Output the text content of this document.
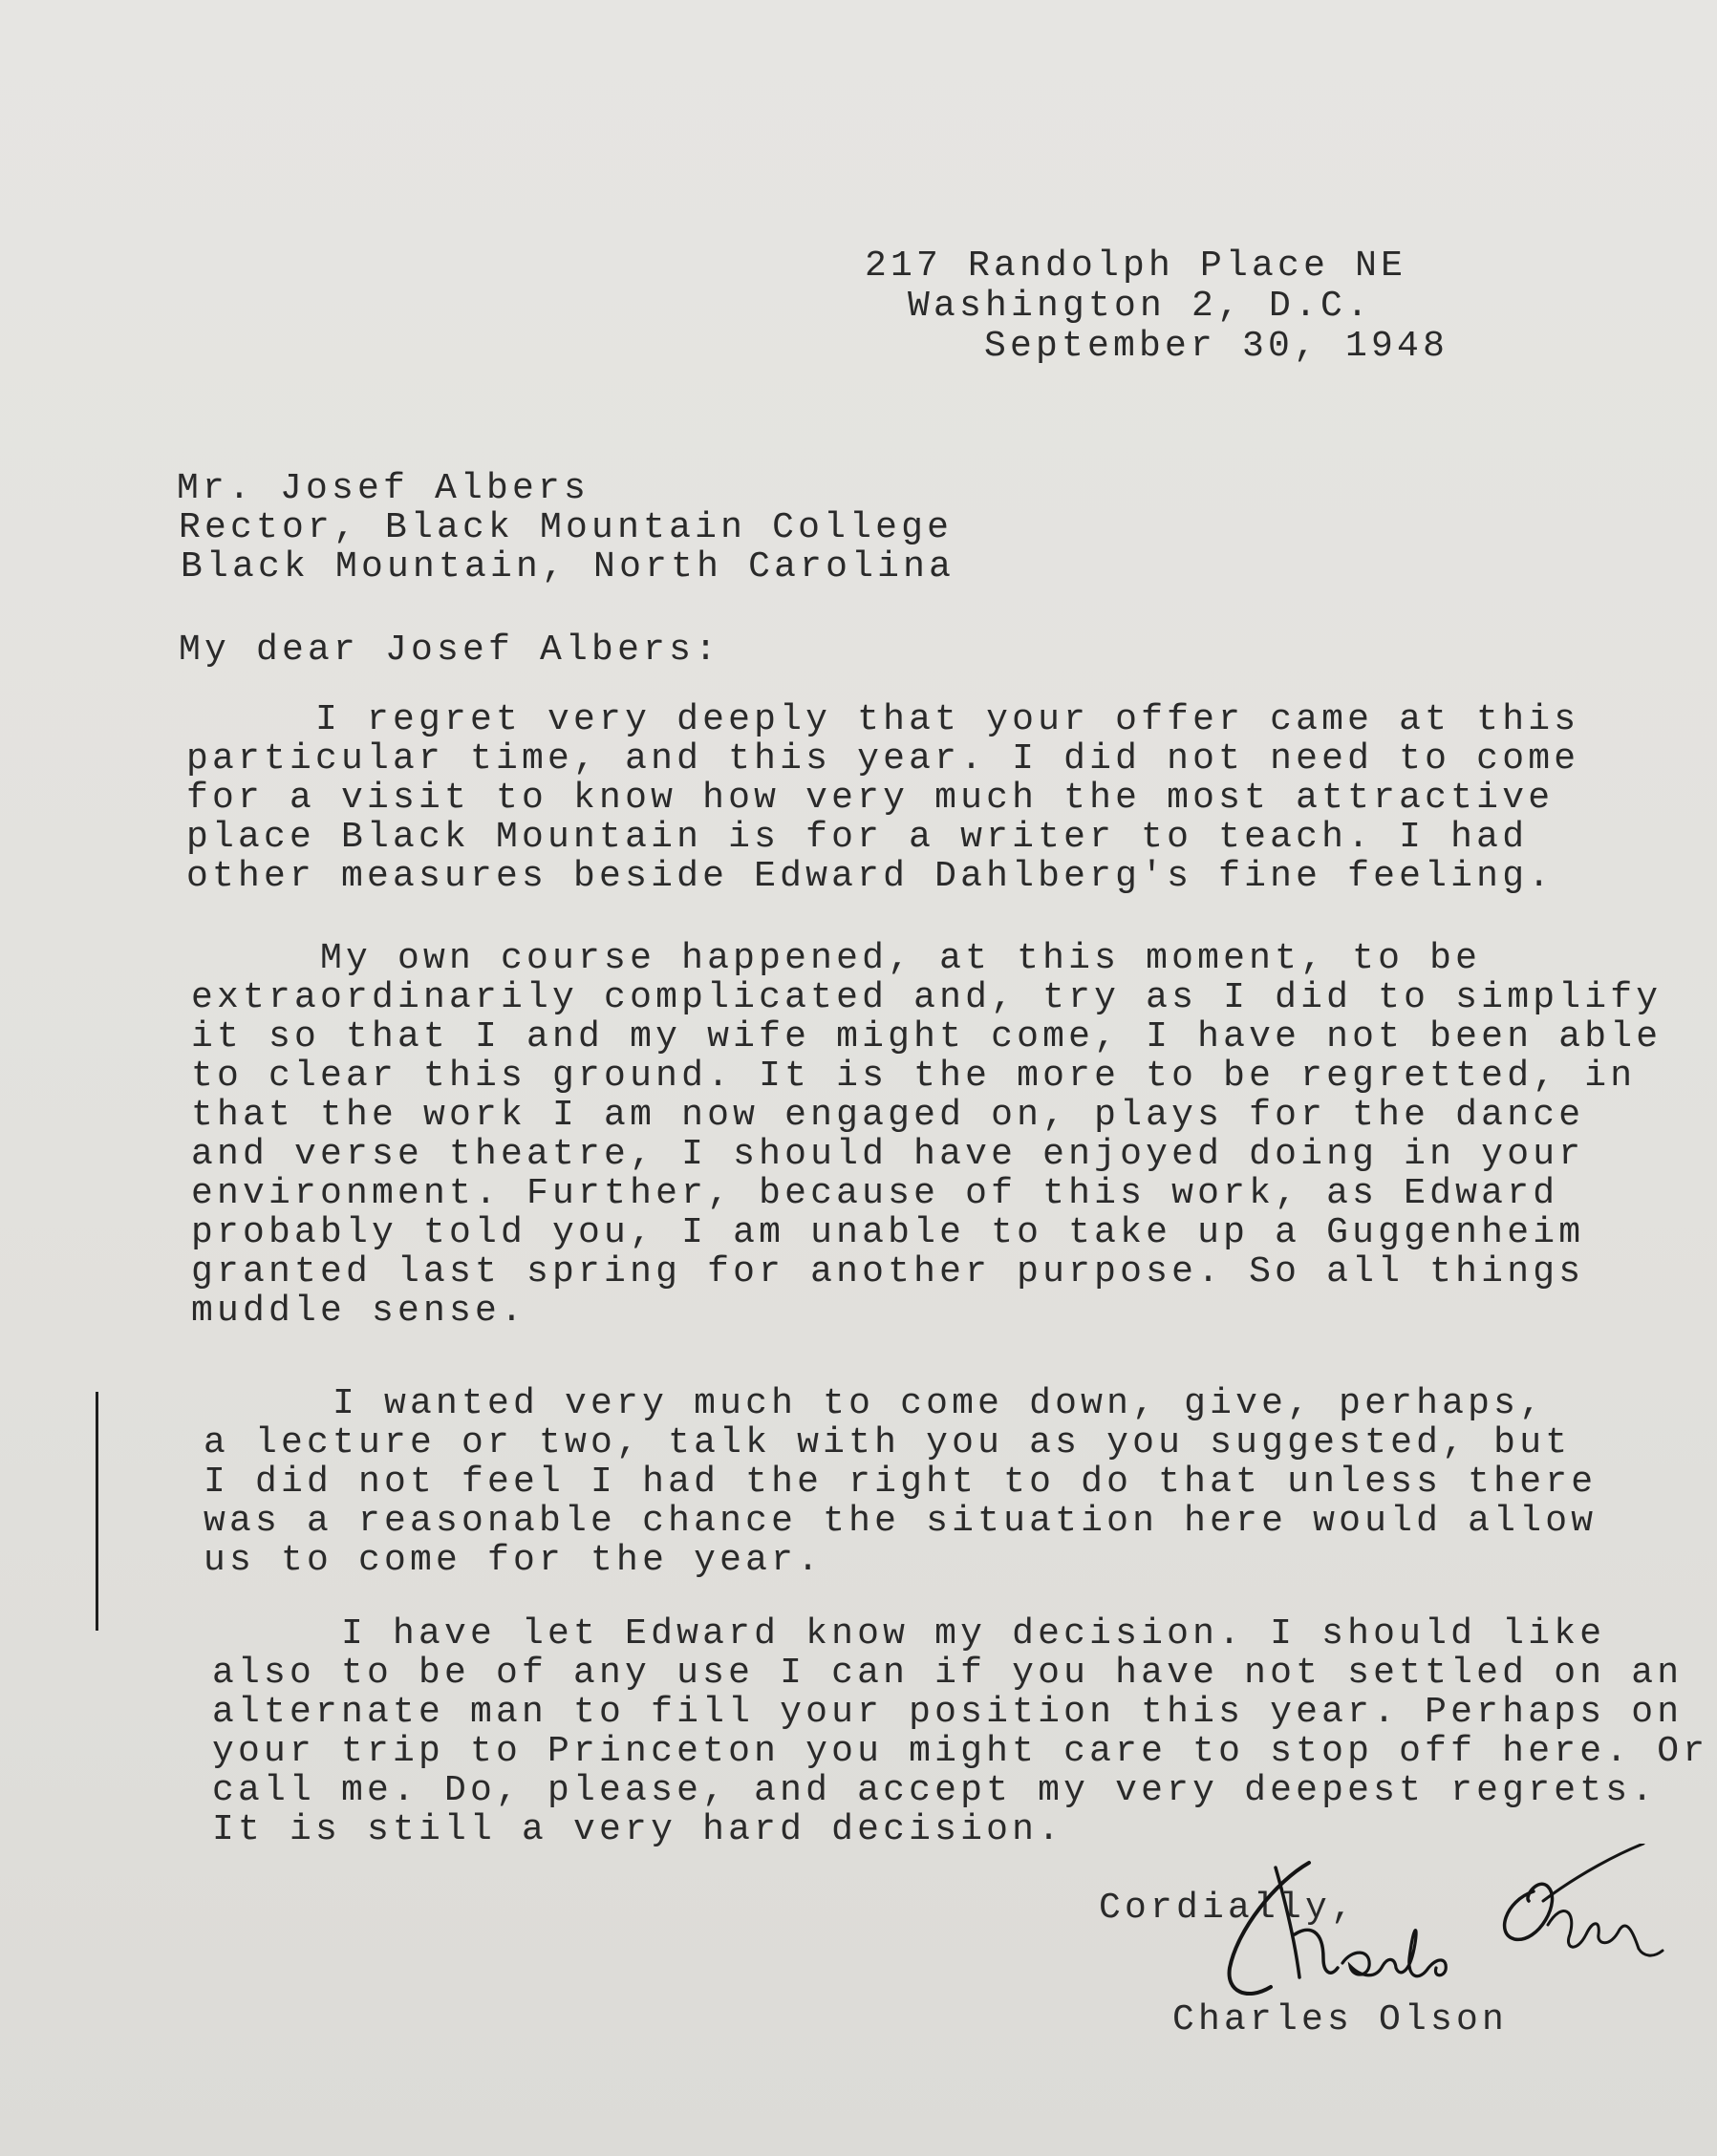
217 Randolph Place NE
Washington 2, D.C.
September 30, 1948
Mr. Josef Albers
Rector, Black Mountain College
Black Mountain, North Carolina
My dear Josef Albers:
I regret very deeply that your offer came at this
particular time, and this year. I did not need to come
for a visit to know how very much the most attractive
place Black Mountain is for a writer to teach. I had
other measures beside Edward Dahlberg's fine feeling.
My own course happened, at this moment, to be
extraordinarily complicated and, try as I did to simplify
it so that I and my wife might come, I have not been able
to clear this ground. It is the more to be regretted, in
that the work I am now engaged on, plays for the dance
and verse theatre, I should have enjoyed doing in your
environment. Further, because of this work, as Edward
probably told you, I am unable to take up a Guggenheim
granted last spring for another purpose. So all things
muddle sense.
I wanted very much to come down, give, perhaps,
a lecture or two, talk with you as you suggested, but
I did not feel I had the right to do that unless there
was a reasonable chance the situation here would allow
us to come for the year.
I have let Edward know my decision. I should like
also to be of any use I can if you have not settled on an
alternate man to fill your position this year. Perhaps on
your trip to Princeton you might care to stop off here. Or
call me. Do, please, and accept my very deepest regrets.
It is still a very hard decision.
Cordially,
Charles Olson
